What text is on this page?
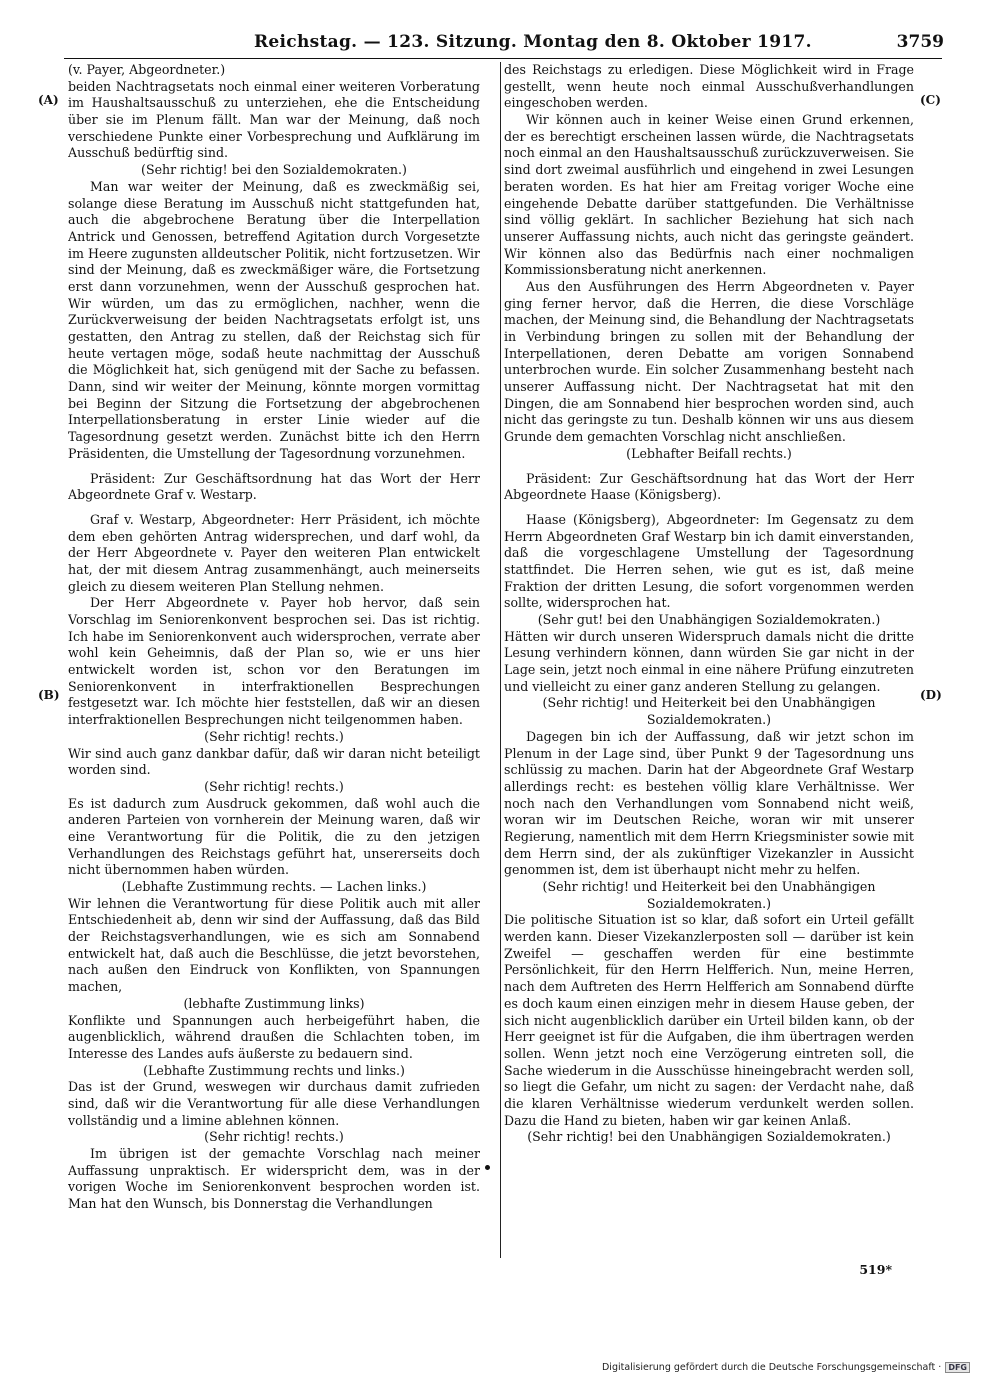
Reichstag. — 123. Sitzung. Montag den 8. Oktober 1917.	3759
(A)
(B)
(C)
(D)

(v. Payer, Abgeordneter.)

beiden Nachtragsetats noch einmal einer weiteren Vorberatung im Haushaltsausschuß zu unterziehen, ehe die Entscheidung über sie im Plenum fällt. Man war der Meinung, daß noch verschiedene Punkte einer Vorbesprechung und Aufklärung im Ausschuß bedürftig sind.

(Sehr richtig! bei den Sozialdemokraten.)

Man war weiter der Meinung, daß es zweckmäßig sei, solange diese Beratung im Ausschuß nicht stattgefunden hat, auch die abgebrochene Beratung über die Interpellation Antrick und Genossen, betreffend Agitation durch Vorgesetzte im Heere zugunsten alldeutscher Politik, nicht fortzusetzen. Wir sind der Meinung, daß es zweckmäßiger wäre, die Fortsetzung erst dann vorzunehmen, wenn der Ausschuß gesprochen hat. Wir würden, um das zu ermöglichen, nachher, wenn die Zurückverweisung der beiden Nachtragsetats erfolgt ist, uns gestatten, den Antrag zu stellen, daß der Reichstag sich für heute vertagen möge, sodaß heute nachmittag der Ausschuß die Möglichkeit hat, sich genügend mit der Sache zu befassen. Dann, sind wir weiter der Meinung, könnte morgen vormittag bei Beginn der Sitzung die Fortsetzung der abgebrochenen Interpellationsberatung in erster Linie wieder auf die Tagesordnung gesetzt werden. Zunächst bitte ich den Herrn Präsidenten, die Umstellung der Tagesordnung vorzunehmen.

Präsident: Zur Geschäftsordnung hat das Wort der Herr Abgeordnete Graf v. Westarp.

Graf v. Westarp, Abgeordneter: Herr Präsident, ich möchte dem eben gehörten Antrag widersprechen, und darf wohl, da der Herr Abgeordnete v. Payer den weiteren Plan entwickelt hat, der mit diesem Antrag zusammenhängt, auch meinerseits gleich zu diesem weiteren Plan Stellung nehmen.

Der Herr Abgeordnete v. Payer hob hervor, daß sein Vorschlag im Seniorenkonvent besprochen sei. Das ist richtig. Ich habe im Seniorenkonvent auch widersprochen, verrate aber wohl kein Geheimnis, daß der Plan so, wie er uns hier entwickelt worden ist, schon vor den Beratungen im Seniorenkonvent in interfraktionellen Besprechungen festgesetzt war. Ich möchte hier feststellen, daß wir an diesen interfraktionellen Besprechungen nicht teilgenommen haben.

(Sehr richtig! rechts.)

Wir sind auch ganz dankbar dafür, daß wir daran nicht beteiligt worden sind.

(Sehr richtig! rechts.)

Es ist dadurch zum Ausdruck gekommen, daß wohl auch die anderen Parteien von vornherein der Meinung waren, daß wir eine Verantwortung für die Politik, die zu den jetzigen Verhandlungen des Reichstags geführt hat, unsererseits doch nicht übernommen haben würden.

(Lebhafte Zustimmung rechts. — Lachen links.)

Wir lehnen die Verantwortung für diese Politik auch mit aller Entschiedenheit ab, denn wir sind der Auffassung, daß das Bild der Reichstagsverhandlungen, wie es sich am Sonnabend entwickelt hat, daß auch die Beschlüsse, die jetzt bevorstehen, nach außen den Eindruck von Konflikten, von Spannungen machen,

(lebhafte Zustimmung links)

Konflikte und Spannungen auch herbeigeführt haben, die augenblicklich, während draußen die Schlachten toben, im Interesse des Landes aufs äußerste zu bedauern sind.

(Lebhafte Zustimmung rechts und links.)

Das ist der Grund, weswegen wir durchaus damit zufrieden sind, daß wir die Verantwortung für alle diese Verhandlungen vollständig und a limine ablehnen können.

(Sehr richtig! rechts.)

Im übrigen ist der gemachte Vorschlag nach meiner Auffassung unpraktisch. Er widerspricht dem, was in der vorigen Woche im Seniorenkonvent besprochen worden ist. Man hat den Wunsch, bis Donnerstag die Verhandlungen

des Reichstags zu erledigen. Diese Möglichkeit wird in Frage gestellt, wenn heute noch einmal Ausschußverhandlungen eingeschoben werden.

Wir können auch in keiner Weise einen Grund erkennen, der es berechtigt erscheinen lassen würde, die Nachtragsetats noch einmal an den Haushaltsausschuß zurückzuverweisen. Sie sind dort zweimal ausführlich und eingehend in zwei Lesungen beraten worden. Es hat hier am Freitag voriger Woche eine eingehende Debatte darüber stattgefunden. Die Verhältnisse sind völlig geklärt. In sachlicher Beziehung hat sich nach unserer Auffassung nichts, auch nicht das geringste geändert. Wir können also das Bedürfnis nach einer nochmaligen Kommissionsberatung nicht anerkennen.

Aus den Ausführungen des Herrn Abgeordneten v. Payer ging ferner hervor, daß die Herren, die diese Vorschläge machen, der Meinung sind, die Behandlung der Nachtragsetats in Verbindung bringen zu sollen mit der Behandlung der Interpellationen, deren Debatte am vorigen Sonnabend unterbrochen wurde. Ein solcher Zusammenhang besteht nach unserer Auffassung nicht. Der Nachtragsetat hat mit den Dingen, die am Sonnabend hier besprochen worden sind, auch nicht das geringste zu tun. Deshalb können wir uns aus diesem Grunde dem gemachten Vorschlag nicht anschließen.

(Lebhafter Beifall rechts.)

Präsident: Zur Geschäftsordnung hat das Wort der Herr Abgeordnete Haase (Königsberg).

Haase (Königsberg), Abgeordneter: Im Gegensatz zu dem Herrn Abgeordneten Graf Westarp bin ich damit einverstanden, daß die vorgeschlagene Umstellung der Tagesordnung stattfindet. Die Herren sehen, wie gut es ist, daß meine Fraktion der dritten Lesung, die sofort vorgenommen werden sollte, widersprochen hat.

(Sehr gut! bei den Unabhängigen Sozialdemokraten.)

Hätten wir durch unseren Widerspruch damals nicht die dritte Lesung verhindern können, dann würden Sie gar nicht in der Lage sein, jetzt noch einmal in eine nähere Prüfung einzutreten und vielleicht zu einer ganz anderen Stellung zu gelangen.

(Sehr richtig! und Heiterkeit bei den Unabhängigen Sozialdemokraten.)

Dagegen bin ich der Auffassung, daß wir jetzt schon im Plenum in der Lage sind, über Punkt 9 der Tagesordnung uns schlüssig zu machen. Darin hat der Abgeordnete Graf Westarp allerdings recht: es bestehen völlig klare Verhältnisse. Wer noch nach den Verhandlungen vom Sonnabend nicht weiß, woran wir im Deutschen Reiche, woran wir mit unserer Regierung, namentlich mit dem Herrn Kriegsminister sowie mit dem Herrn sind, der als zukünftiger Vizekanzler in Aussicht genommen ist, dem ist überhaupt nicht mehr zu helfen.

(Sehr richtig! und Heiterkeit bei den Unabhängigen Sozialdemokraten.)

Die politische Situation ist so klar, daß sofort ein Urteil gefällt werden kann. Dieser Vizekanzlerposten soll — darüber ist kein Zweifel — geschaffen werden für eine bestimmte Persönlichkeit, für den Herrn Helfferich. Nun, meine Herren, nach dem Auftreten des Herrn Helfferich am Sonnabend dürfte es doch kaum einen einzigen mehr in diesem Hause geben, der sich nicht augenblicklich darüber ein Urteil bilden kann, ob der Herr geeignet ist für die Aufgaben, die ihm übertragen werden sollen. Wenn jetzt noch eine Verzögerung eintreten soll, die Sache wiederum in die Ausschüsse hineingebracht werden soll, so liegt die Gefahr, um nicht zu sagen: der Verdacht nahe, daß die klaren Verhältnisse wiederum verdunkelt werden sollen. Dazu die Hand zu bieten, haben wir gar keinen Anlaß.

(Sehr richtig! bei den Unabhängigen Sozialdemokraten.)

519*
Digitalisierung gefördert durch die Deutsche Forschungsgemeinschaft · DFG
